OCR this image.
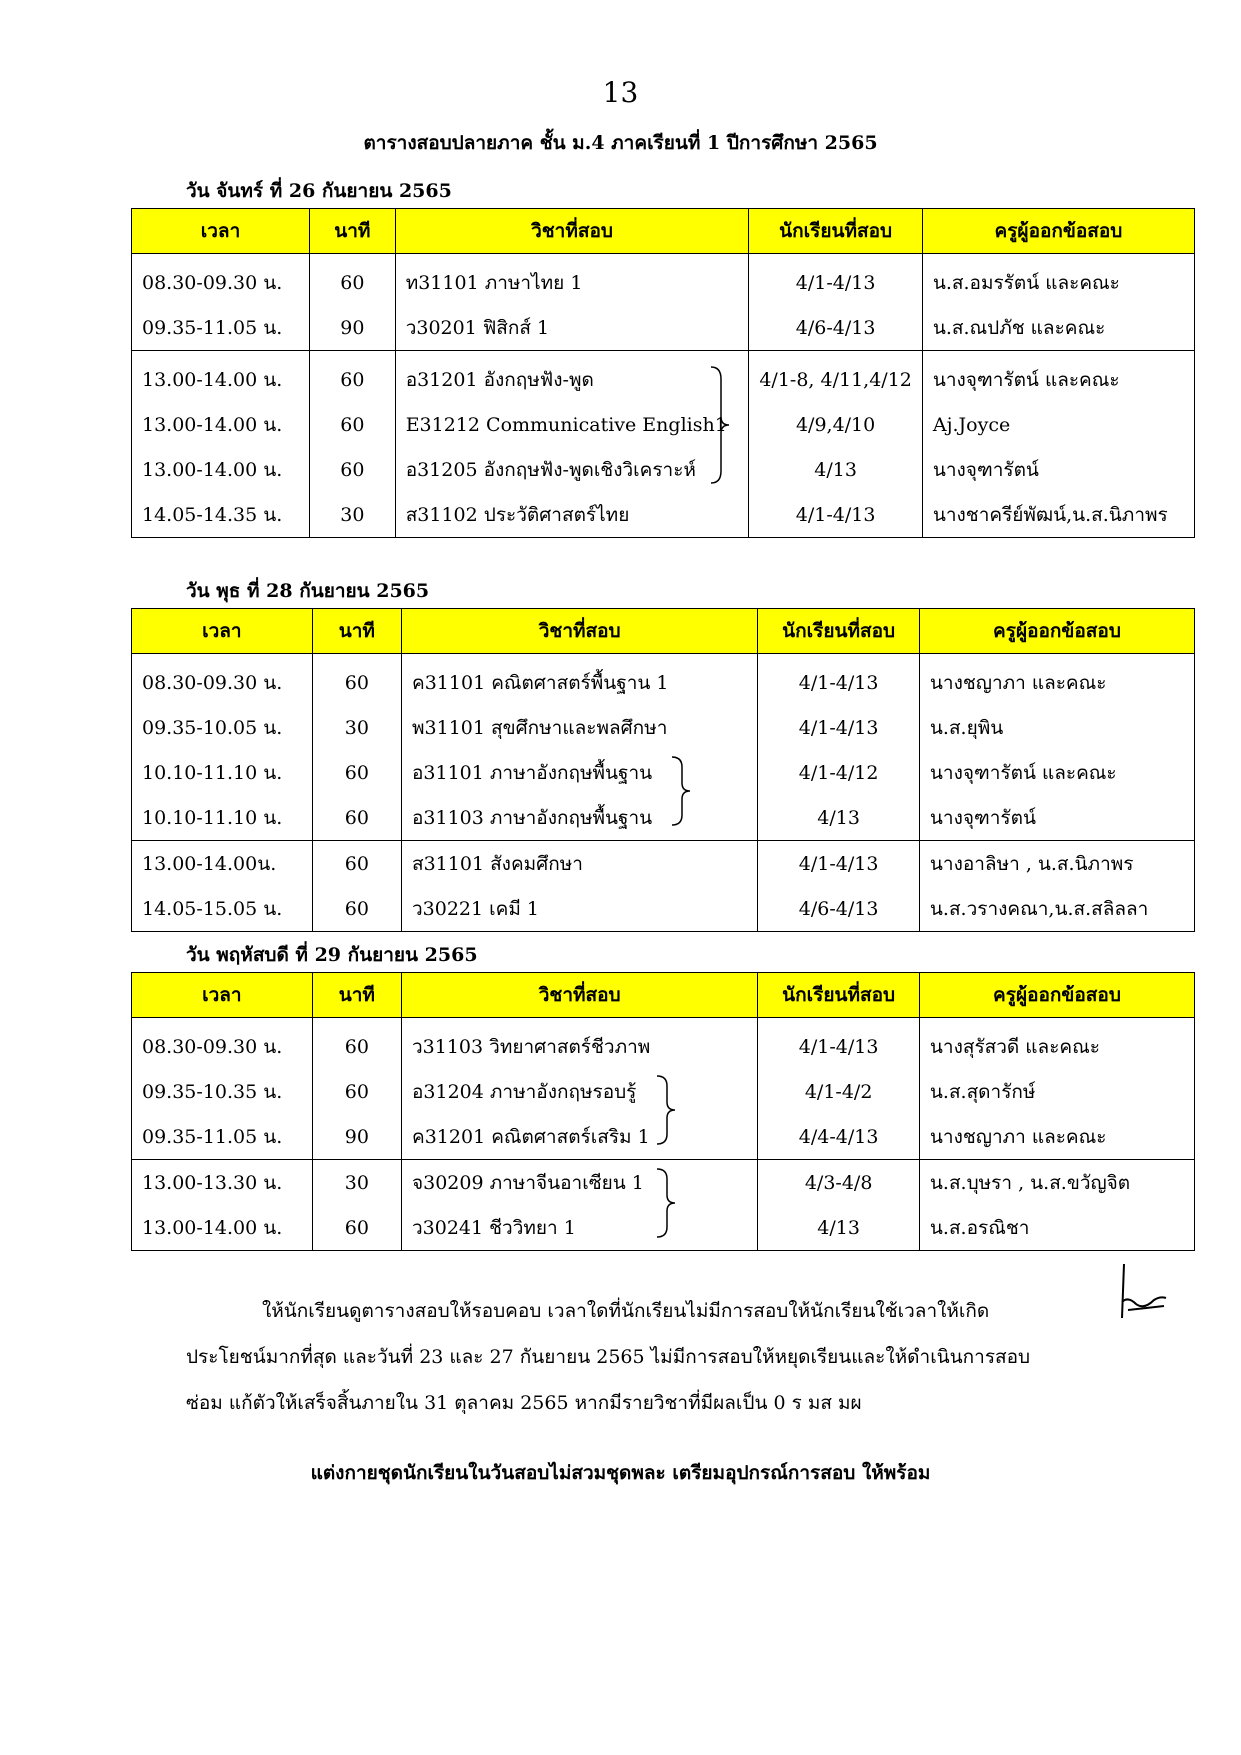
13
ตารางสอบปลายภาค ชั้น ม.4 ภาคเรียนที่ 1 ปีการศึกษา 2565
วัน จันทร์ ที่ 26 กันยายน 2565
เวลา	นาที	วิชาที่สอบ	นักเรียนที่สอบ	ครูผู้ออกข้อสอบ
08.30-09.30 น.	60	ท31101 ภาษาไทย 1	4/1-4/13	น.ส.อมรรัตน์ และคณะ
09.35-11.05 น.	90	ว30201 ฟิสิกส์ 1	4/6-4/13	น.ส.ณปภัช และคณะ
13.00-14.00 น.	60	อ31201 อังกฤษฟัง-พูด	4/1-8, 4/11,4/12	นางจุฑารัตน์ และคณะ
13.00-14.00 น.	60	E31212 Communicative English1	4/9,4/10	Aj.Joyce
13.00-14.00 น.	60	อ31205 อังกฤษฟัง-พูดเชิงวิเคราะห์	4/13	นางจุฑารัตน์
14.05-14.35 น.	30	ส31102 ประวัติศาสตร์ไทย	4/1-4/13	นางชาครีย์พัฒน์,น.ส.นิภาพร
วัน พุธ ที่ 28 กันยายน 2565
เวลา	นาที	วิชาที่สอบ	นักเรียนที่สอบ	ครูผู้ออกข้อสอบ
08.30-09.30 น.	60	ค31101 คณิตศาสตร์พื้นฐาน 1	4/1-4/13	นางชญาภา และคณะ
09.35-10.05 น.	30	พ31101 สุขศึกษาและพลศึกษา	4/1-4/13	น.ส.ยุพิน
10.10-11.10 น.	60	อ31101 ภาษาอังกฤษพื้นฐาน	4/1-4/12	นางจุฑารัตน์ และคณะ
10.10-11.10 น.	60	อ31103 ภาษาอังกฤษพื้นฐาน	4/13	นางจุฑารัตน์
13.00-14.00น.	60	ส31101 สังคมศึกษา	4/1-4/13	นางอาลิษา , น.ส.นิภาพร
14.05-15.05 น.	60	ว30221 เคมี 1	4/6-4/13	น.ส.วรางคณา,น.ส.สลิลลา
วัน พฤหัสบดี ที่ 29 กันยายน 2565
เวลา	นาที	วิชาที่สอบ	นักเรียนที่สอบ	ครูผู้ออกข้อสอบ
08.30-09.30 น.	60	ว31103 วิทยาศาสตร์ชีวภาพ	4/1-4/13	นางสุรัสวดี และคณะ
09.35-10.35 น.	60	อ31204 ภาษาอังกฤษรอบรู้	4/1-4/2	น.ส.สุดารักษ์
09.35-11.05 น.	90	ค31201 คณิตศาสตร์เสริม 1	4/4-4/13	นางชญาภา และคณะ
13.00-13.30 น.	30	จ30209 ภาษาจีนอาเซียน 1	4/3-4/8	น.ส.บุษรา , น.ส.ขวัญจิต
13.00-14.00 น.	60	ว30241 ชีววิทยา 1	4/13	น.ส.อรณิชา
ให้นักเรียนดูตารางสอบให้รอบคอบ เวลาใดที่นักเรียนไม่มีการสอบให้นักเรียนใช้เวลาให้เกิด
ประโยชน์มากที่สุด และวันที่ 23 และ 27 กันยายน 2565 ไม่มีการสอบให้หยุดเรียนและให้ดำเนินการสอบ
ซ่อม แก้ตัวให้เสร็จสิ้นภายใน 31 ตุลาคม 2565 หากมีรายวิชาที่มีผลเป็น 0 ร มส มผ
แต่งกายชุดนักเรียนในวันสอบไม่สวมชุดพละ เตรียมอุปกรณ์การสอบ ให้พร้อม
